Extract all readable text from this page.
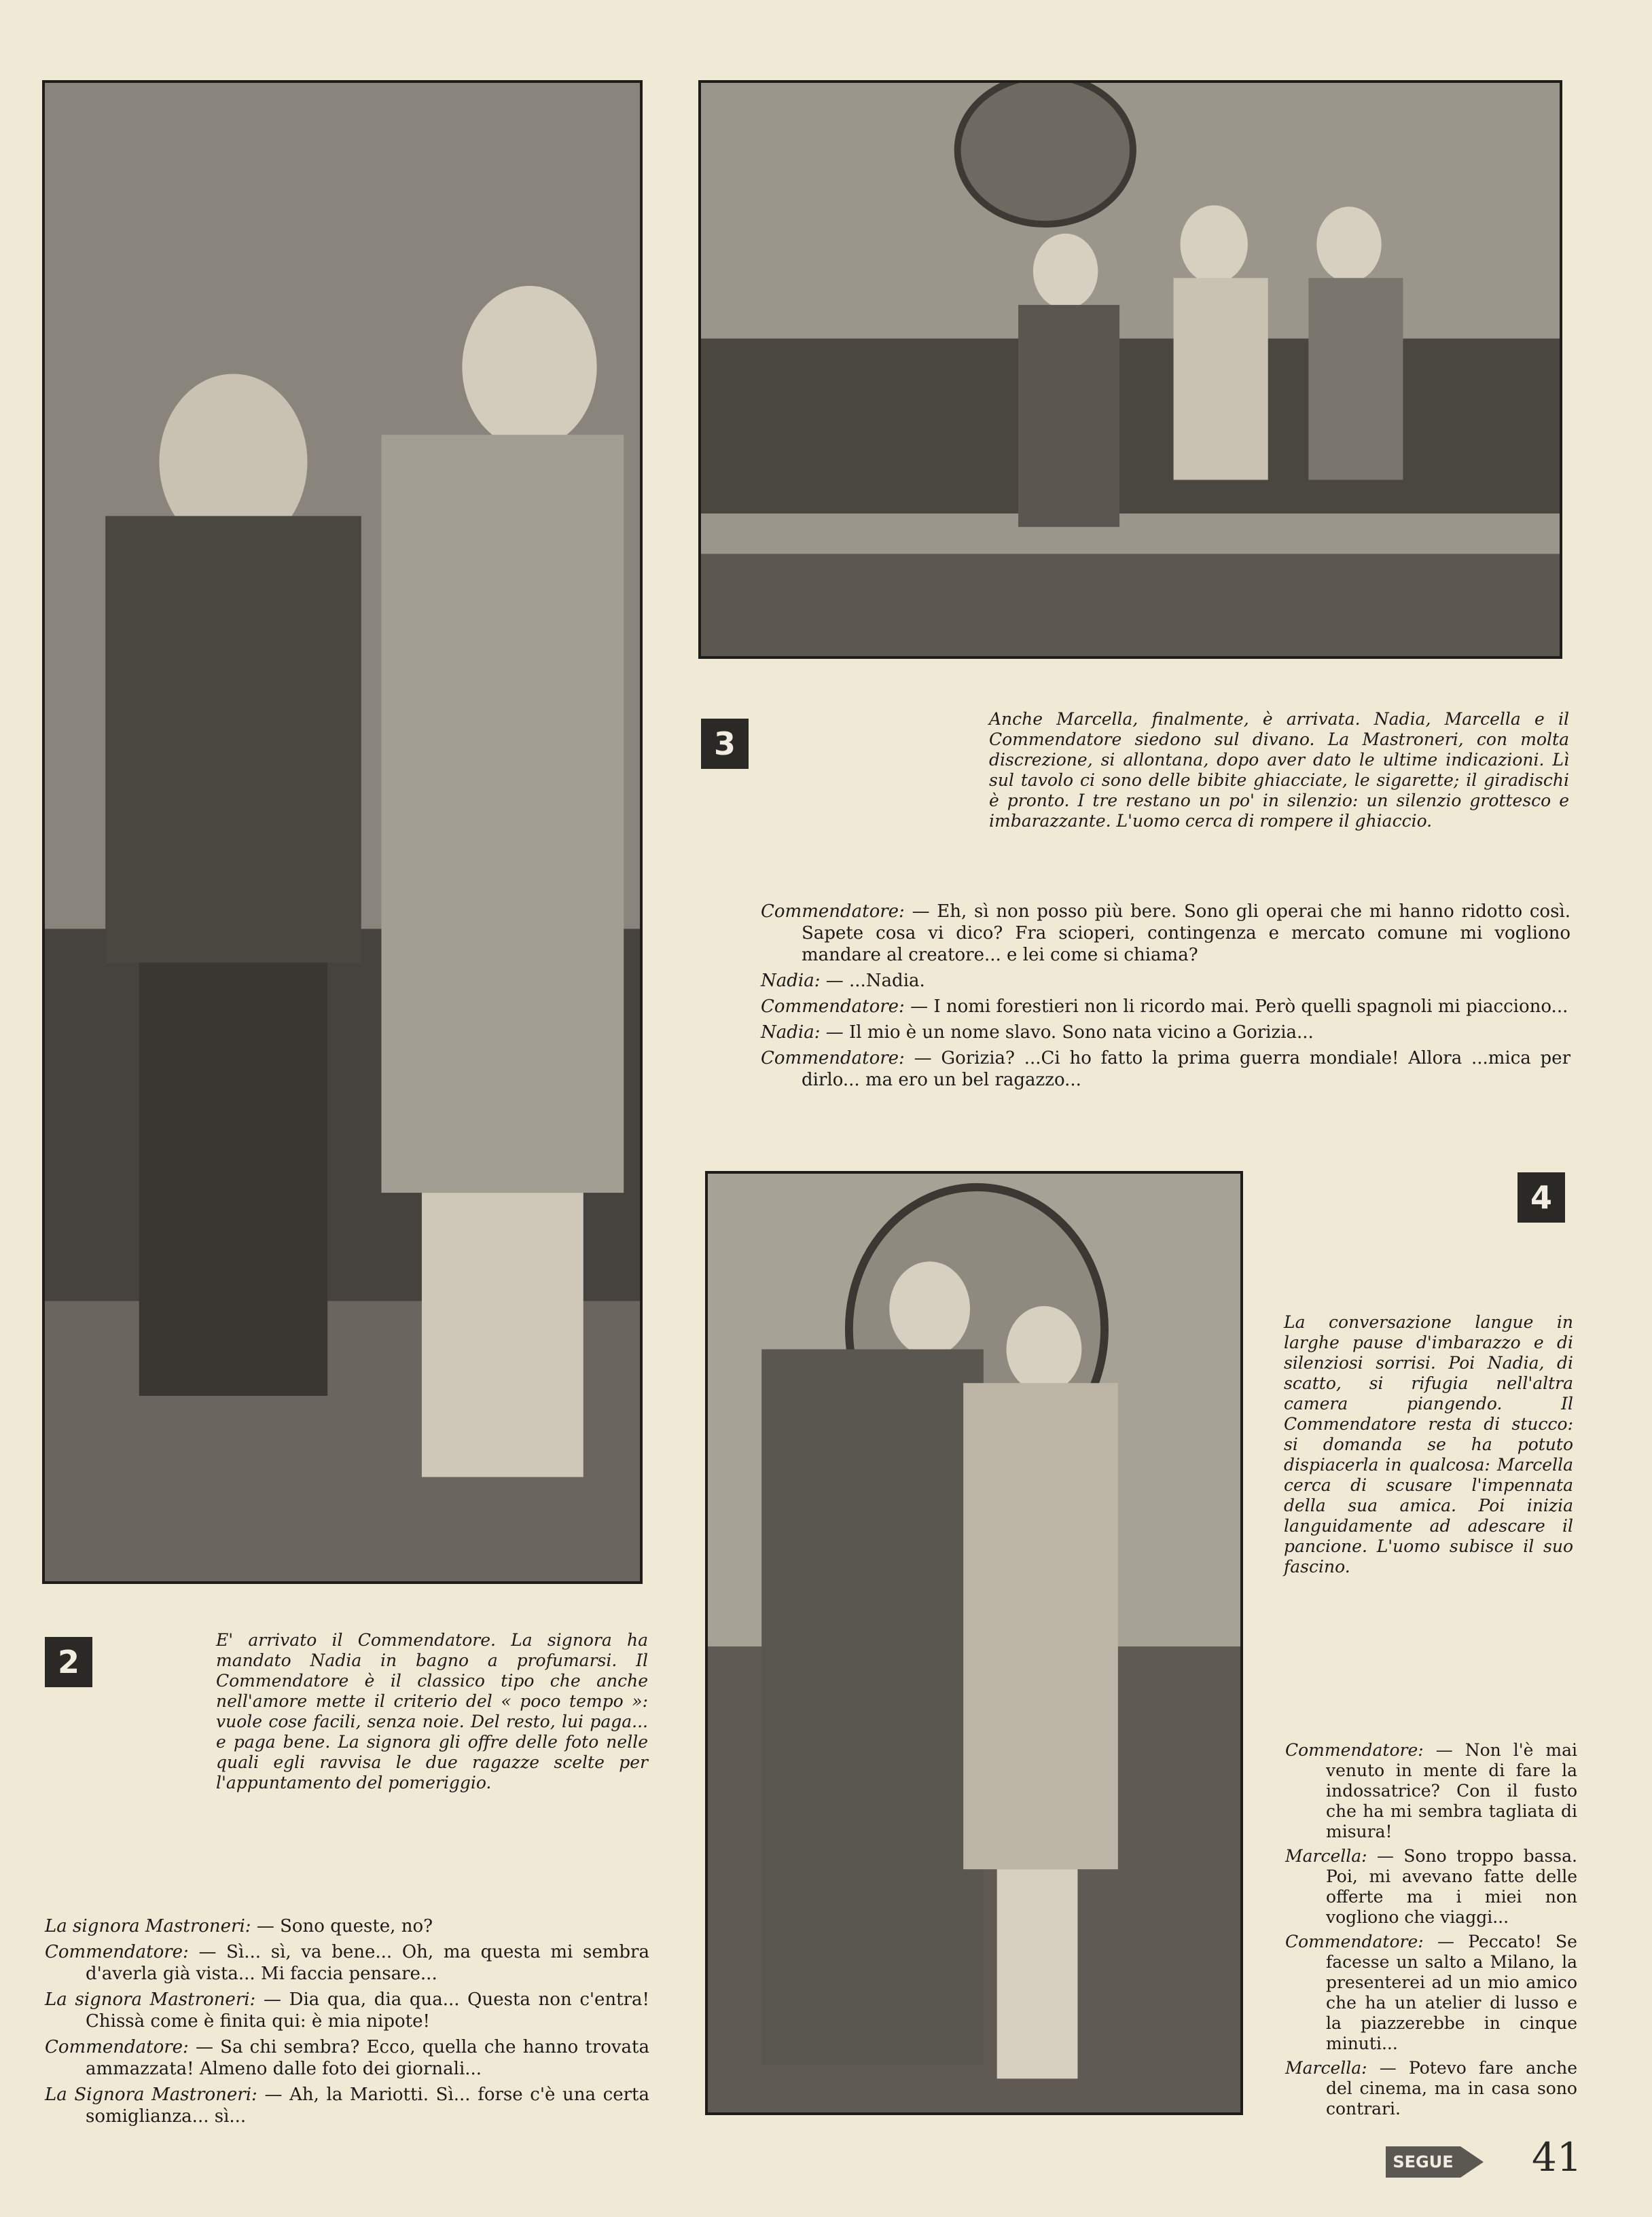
3
4
2

Anche Marcella, finalmente, è arrivata. Nadia, Marcella e il Commendatore siedono sul divano. La Mastroneri, con molta discrezione, si allontana, dopo aver dato le ultime indicazioni. Lì sul tavolo ci sono delle bibite ghiacciate, le sigarette; il giradischi è pronto. I tre restano un po' in silenzio: un silenzio grottesco e imbarazzante. L'uomo cerca di rompere il ghiaccio.

Commendatore: — Eh, sì non posso più bere. Sono gli operai che mi hanno ridotto così. Sapete cosa vi dico? Fra scioperi, contingenza e mercato comune mi vogliono mandare al creatore... e lei come si chiama?

Nadia: — ...Nadia.

Commendatore: — I nomi forestieri non li ricordo mai. Però quelli spagnoli mi piacciono...

Nadia: — Il mio è un nome slavo. Sono nata vicino a Gorizia...

Commendatore: — Gorizia? ...Ci ho fatto la prima guerra mondiale! Allora ...mica per dirlo... ma ero un bel ragazzo...

La conversazione langue in larghe pause d'imbarazzo e di silenziosi sorrisi. Poi Nadia, di scatto, si rifugia nell'altra camera piangendo. Il Commendatore resta di stucco: si domanda se ha potuto dispiacerla in qualcosa: Marcella cerca di scusare l'impennata della sua amica. Poi inizia languidamente ad adescare il pancione. L'uomo subisce il suo fascino.

E' arrivato il Commendatore. La signora ha mandato Nadia in bagno a profumarsi. Il Commendatore è il classico tipo che anche nell'amore mette il criterio del « poco tempo »: vuole cose facili, senza noie. Del resto, lui paga... e paga bene. La signora gli offre delle foto nelle quali egli ravvisa le due ragazze scelte per l'appuntamento del pomeriggio.

La signora Mastroneri: — Sono queste, no?

Commendatore: — Sì... sì, va bene... Oh, ma questa mi sembra d'averla già vista... Mi faccia pensare...

La signora Mastroneri: — Dia qua, dia qua... Questa non c'entra! Chissà come è finita qui: è mia nipote!

Commendatore: — Sa chi sembra? Ecco, quella che hanno trovata ammazzata! Almeno dalle foto dei giornali...

La Signora Mastroneri: — Ah, la Mariotti. Sì... forse c'è una certa somiglianza... sì...

Commendatore: — Non l'è mai venuto in mente di fare la indossatrice? Con il fusto che ha mi sembra tagliata di misura!

Marcella: — Sono troppo bassa. Poi, mi avevano fatte delle offerte ma i miei non vogliono che viaggi...

Commendatore: — Peccato! Se facesse un salto a Milano, la presenterei ad un mio amico che ha un atelier di lusso e la piazzerebbe in cinque minuti...

Marcella: — Potevo fare anche del cinema, ma in casa sono contrari.

SEGUE 41
